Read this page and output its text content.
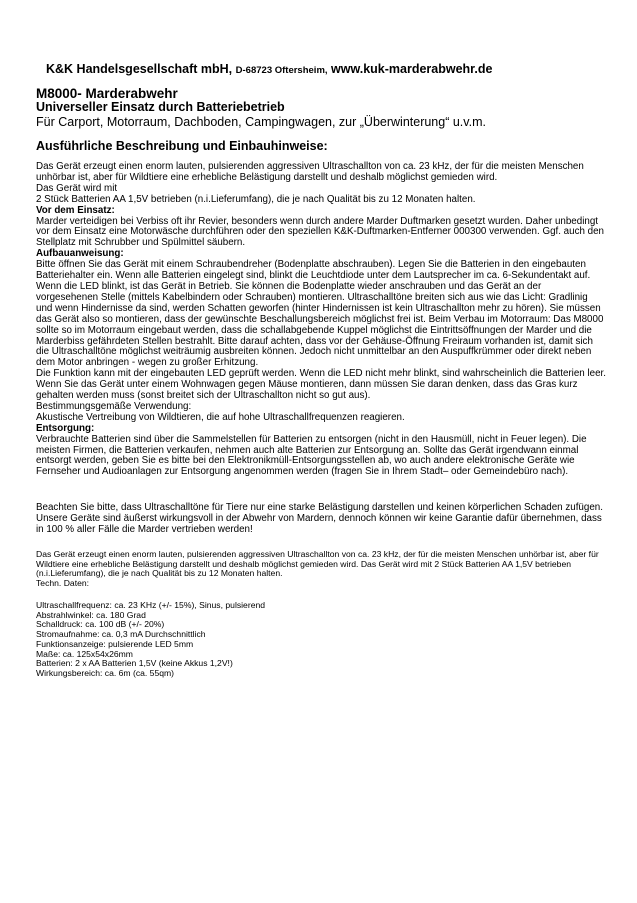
K&K Handelsgesellschaft mbH, D-68723 Oftersheim, www.kuk-marderabwehr.de
M8000- Marderabwehr
Universeller Einsatz durch Batteriebetrieb
Für Carport, Motorraum, Dachboden, Campingwagen, zur „Überwinterung“ u.v.m.
Ausführliche Beschreibung und Einbauhinweise:

Das Gerät erzeugt einen enorm lauten, pulsierenden aggressiven Ultraschallton von ca. 23 kHz, der für die meisten Menschen unhörbar ist, aber für Wildtiere eine erhebliche Belästigung darstellt und deshalb möglichst gemieden wird.

Das Gerät wird mit

2 Stück Batterien AA 1,5V betrieben (n.i.Lieferumfang), die je nach Qualität bis zu 12 Monaten halten.

Vor dem Einsatz:

Marder verteidigen bei Verbiss oft ihr Revier, besonders wenn durch andere Marder Duftmarken gesetzt wurden. Daher unbedingt vor dem Einsatz eine Motorwäsche durchführen oder den speziellen K&K-Duftmarken-Entferner 000300 verwenden. Ggf. auch den Stellplatz mit Schrubber und Spülmittel säubern.

Aufbauanweisung:

Bitte öffnen Sie das Gerät mit einem Schraubendreher (Bodenplatte abschrauben). Legen Sie die Batterien in den eingebauten Batteriehalter ein. Wenn alle Batterien eingelegt sind, blinkt die Leuchtdiode unter dem Lautsprecher im ca. 6-Sekundentakt auf. Wenn die LED blinkt, ist das Gerät in Betrieb. Sie können die Bodenplatte wieder anschrauben und das Gerät an der vorgesehenen Stelle (mittels Kabelbindern oder Schrauben) montieren. Ultraschalltöne breiten sich aus wie das Licht: Gradlinig und wenn Hindernisse da sind, werden Schatten geworfen (hinter Hindernissen ist kein Ultraschallton mehr zu hören). Sie müssen das Gerät also so montieren, dass der gewünschte Beschallungsbereich möglichst frei ist. Beim Verbau im Motorraum: Das M8000 sollte so im Motorraum eingebaut werden, dass die schallabgebende Kuppel möglichst die Eintrittsöffnungen der Marder und die Marderbiss gefährdeten Stellen bestrahlt. Bitte darauf achten, dass vor der Gehäuse-Öffnung Freiraum vorhanden ist, damit sich die Ultraschalltöne möglichst weiträumig ausbreiten können. Jedoch nicht unmittelbar an den Auspuffkrümmer oder direkt neben dem Motor anbringen - wegen zu großer Erhitzung.

Die Funktion kann mit der eingebauten LED geprüft werden. Wenn die LED nicht mehr blinkt, sind wahrscheinlich die Batterien leer. Wenn Sie das Gerät unter einem Wohnwagen gegen Mäuse montieren, dann müssen Sie daran denken, dass das Gras kurz gehalten werden muss (sonst breitet sich der Ultraschallton nicht so gut aus).

Bestimmungsgemäße Verwendung:

Akustische Vertreibung von Wildtieren, die auf hohe Ultraschallfrequenzen reagieren.

Entsorgung:

Verbrauchte Batterien sind über die Sammelstellen für Batterien zu entsorgen (nicht in den Hausmüll, nicht in Feuer legen). Die meisten Firmen, die Batterien verkaufen, nehmen auch alte Batterien zur Entsorgung an. Sollte das Gerät irgendwann einmal entsorgt werden, geben Sie es bitte bei den Elektronikmüll-Entsorgungsstellen ab, wo auch andere elektronische Geräte wie Fernseher und Audioanlagen zur Entsorgung angenommen werden (fragen Sie in Ihrem Stadt– oder Gemeindebüro nach).

Beachten Sie bitte, dass Ultraschalltöne für Tiere nur eine starke Belästigung darstellen und keinen körperlichen Schaden zufügen. Unsere Geräte sind äußerst wirkungsvoll in der Abwehr von Mardern, dennoch können wir keine Garantie dafür übernehmen, dass in 100 % aller Fälle die Marder vertrieben werden!

Das Gerät erzeugt einen enorm lauten, pulsierenden aggressiven Ultraschallton von ca. 23 kHz, der für die meisten Menschen unhörbar ist, aber für Wildtiere eine erhebliche Belästigung darstellt und deshalb möglichst gemieden wird. Das Gerät wird mit 2 Stück Batterien AA 1,5V betrieben (n.i.Lieferumfang), die je nach Qualität bis zu 12 Monaten halten.

Techn. Daten:

Ultraschallfrequenz: ca. 23 KHz (+/- 15%), Sinus, pulsierend

Abstrahlwinkel: ca. 180 Grad

Schalldruck: ca. 100 dB (+/- 20%)

Stromaufnahme: ca. 0,3 mA Durchschnittlich

Funktionsanzeige: pulsierende LED 5mm

Maße: ca. 125x54x26mm

Batterien: 2 x AA Batterien 1,5V (keine Akkus 1,2V!)

Wirkungsbereich: ca. 6m (ca. 55qm)
